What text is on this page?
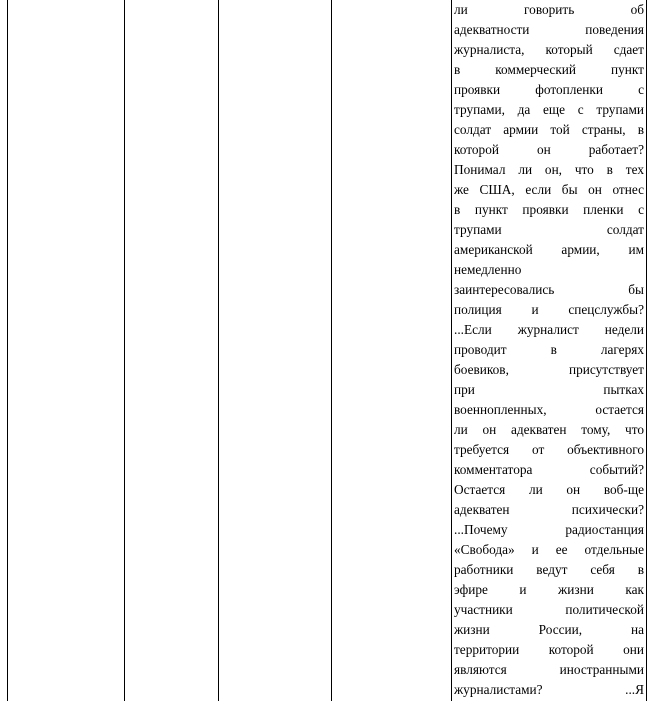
ли говорить об
адекватности поведения
журналиста, который сдает
в коммерческий пункт
проявки фотопленки с
трупами, да еще с трупами
солдат армии той страны, в
которой он работает?
Понимал ли он, что в тех
же США, если бы он отнес
в пункт проявки пленки с
трупами солдат
американской армии, им
немедленно
заинтересовались бы
полиция и спецслужбы?
...Если журналист недели
проводит в лагерях
боевиков, присутствует
при пытках
военнопленных, остается
ли он адекватен тому, что
требуется от объективного
комментатора событий?
Остается ли он воб-ще
адекватен психически?
...Почему радиостанция
«Свобода» и ее отдельные
работники ведут себя в
эфире и жизни как
участники политической
жизни России, на
территории которой они
являются иностранными
журналистами? ...Я
